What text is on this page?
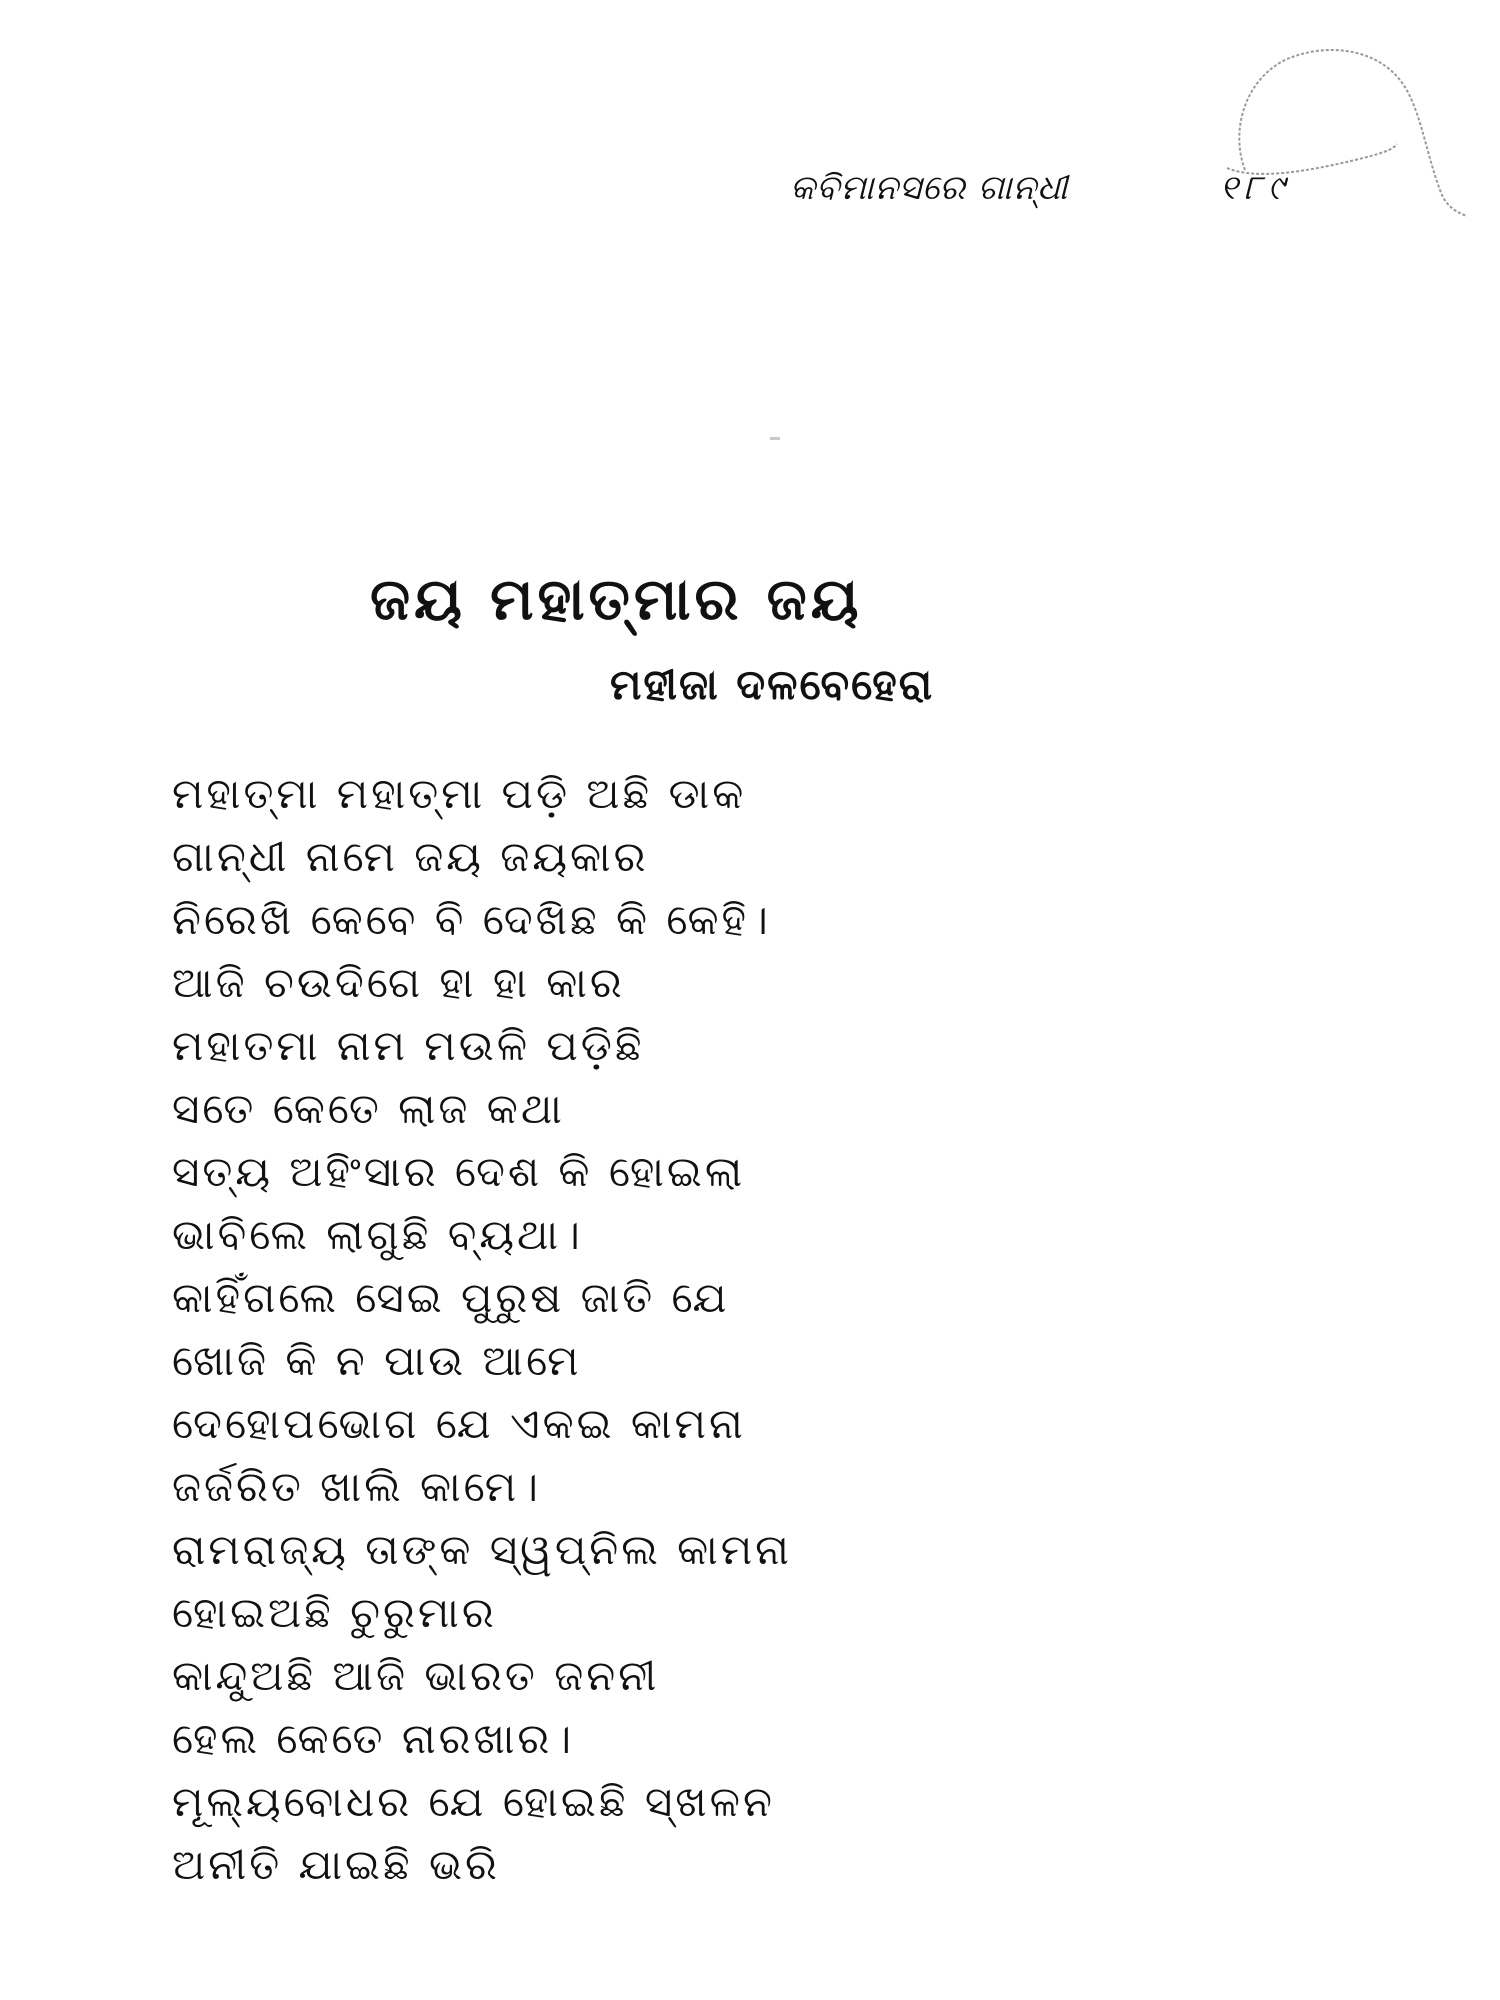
କବିମାନସରେ ଗାନ୍ଧୀ	୧୮୯
ଜୟ ମହାତ୍ମାର ଜୟ
ମହୀଜା ଦଳବେହେରା
ମହାତ୍ମା ମହାତ୍ମା ପଡ଼ି ଅଛି ଡାକ
ଗାନ୍ଧୀ ନାମେ ଜୟ ଜୟକାର
ନିରେଖି କେବେ ବି ଦେଖିଛ କି କେହି।
ଆଜି ଚଉଦିଗେ ହା ହା କାର
ମହାତମା ନାମ ମଉଳି ପଡ଼ିଛି
ସତେ କେତେ ଲାଜ କଥା
ସତ୍ୟ ଅହିଂସାର ଦେଶ କି ହୋଇଲା
ଭାବିଲେ ଲାଗୁଛି ବ୍ୟଥା।
କାହିଁଗଲେ ସେଇ ପୁରୁଷ ଜାତି ଯେ
ଖୋଜି କି ନ ପାଉ ଆମେ
ଦେହୋପଭୋଗ ଯେ ଏକଇ କାମନା
ଜର୍ଜରିତ ଖାଲି କାମେ।
ରାମରାଜ୍ୟ ତାଙ୍କ ସ୍ୱପ୍ନିଲ କାମନା
ହୋଇଅଛି ଚୁରୁମାର
କାନ୍ଦୁଅଛି ଆଜି ଭାରତ ଜନନୀ
ହେଲ କେତେ ନାରଖାର।
ମୂଲ୍ୟବୋଧର ଯେ ହୋଇଛି ସ୍ଖଳନ
ଅନୀତି ଯାଇଛି ଭରି
